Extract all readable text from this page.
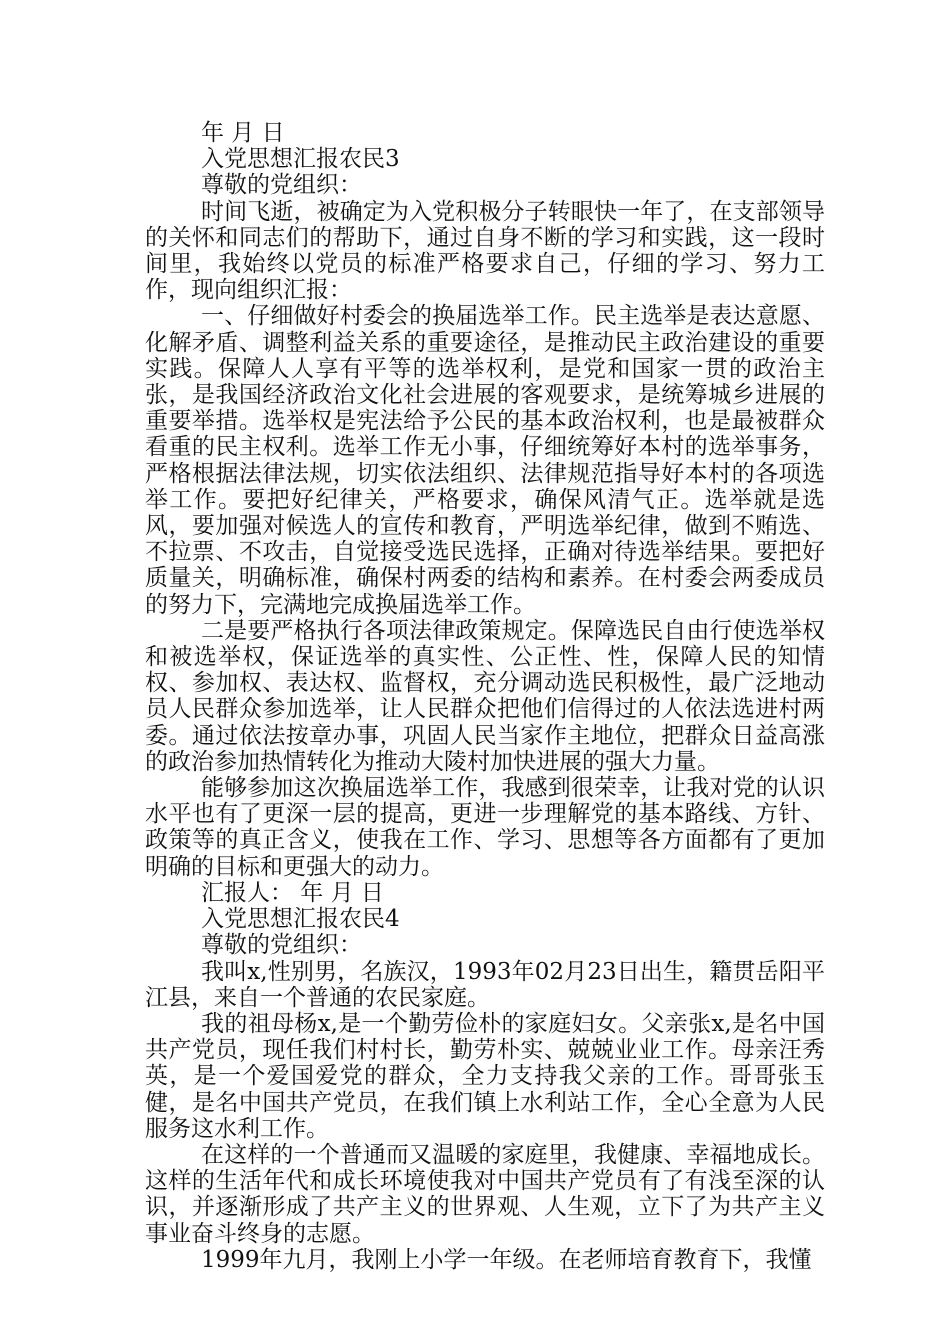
年 月 日

入党思想汇报农民3

尊敬的党组织：

时间飞逝，被确定为入党积极分子转眼快一年了，在支部领导的关怀和同志们的帮助下，通过自身不断的学习和实践，这一段时间里，我始终以党员的标准严格要求自己，仔细的学习、努力工作，现向组织汇报：

一、仔细做好村委会的换届选举工作。民主选举是表达意愿、化解矛盾、调整利益关系的重要途径，是推动民主政治建设的重要实践。保障人人享有平等的选举权利，是党和国家一贯的政治主张，是我国经济政治文化社会进展的客观要求，是统筹城乡进展的重要举措。选举权是宪法给予公民的基本政治权利，也是最被群众看重的民主权利。选举工作无小事，仔细统筹好本村的选举事务，严格根据法律法规，切实依法组织、法律规范指导好本村的各项选举工作。要把好纪律关，严格要求，确保风清气正。选举就是选风，要加强对候选人的宣传和教育，严明选举纪律，做到不贿选、不拉票、不攻击，自觉接受选民选择，正确对待选举结果。要把好质量关，明确标准，确保村两委的结构和素养。在村委会两委成员的努力下，完满地完成换届选举工作。

二是要严格执行各项法律政策规定。保障选民自由行使选举权和被选举权，保证选举的真实性、公正性、性，保障人民的知情权、参加权、表达权、监督权，充分调动选民积极性，最广泛地动员人民群众参加选举，让人民群众把他们信得过的人依法选进村两委。通过依法按章办事，巩固人民当家作主地位，把群众日益高涨的政治参加热情转化为推动大陵村加快进展的强大力量。

能够参加这次换届选举工作，我感到很荣幸，让我对党的认识水平也有了更深一层的提高，更进一步理解党的基本路线、方针、政策等的真正含义，使我在工作、学习、思想等各方面都有了更加明确的目标和更强大的动力。

汇报人： 年 月 日

入党思想汇报农民4

尊敬的党组织：

我叫x,性别男，名族汉，1993年02月23日出生，籍贯岳阳平江县，来自一个普通的农民家庭。

我的祖母杨x,是一个勤劳俭朴的家庭妇女。父亲张x,是名中国共产党员，现任我们村村长，勤劳朴实、兢兢业业工作。母亲汪秀英，是一个爱国爱党的群众，全力支持我父亲的工作。哥哥张玉健，是名中国共产党员，在我们镇上水利站工作，全心全意为人民服务这水利工作。

在这样的一个普通而又温暖的家庭里，我健康、幸福地成长。这样的生活年代和成长环境使我对中国共产党员有了有浅至深的认识，并逐渐形成了共产主义的世界观、人生观，立下了为共产主义事业奋斗终身的志愿。

1999年九月，我刚上小学一年级。在老师培育教育下，我懂
